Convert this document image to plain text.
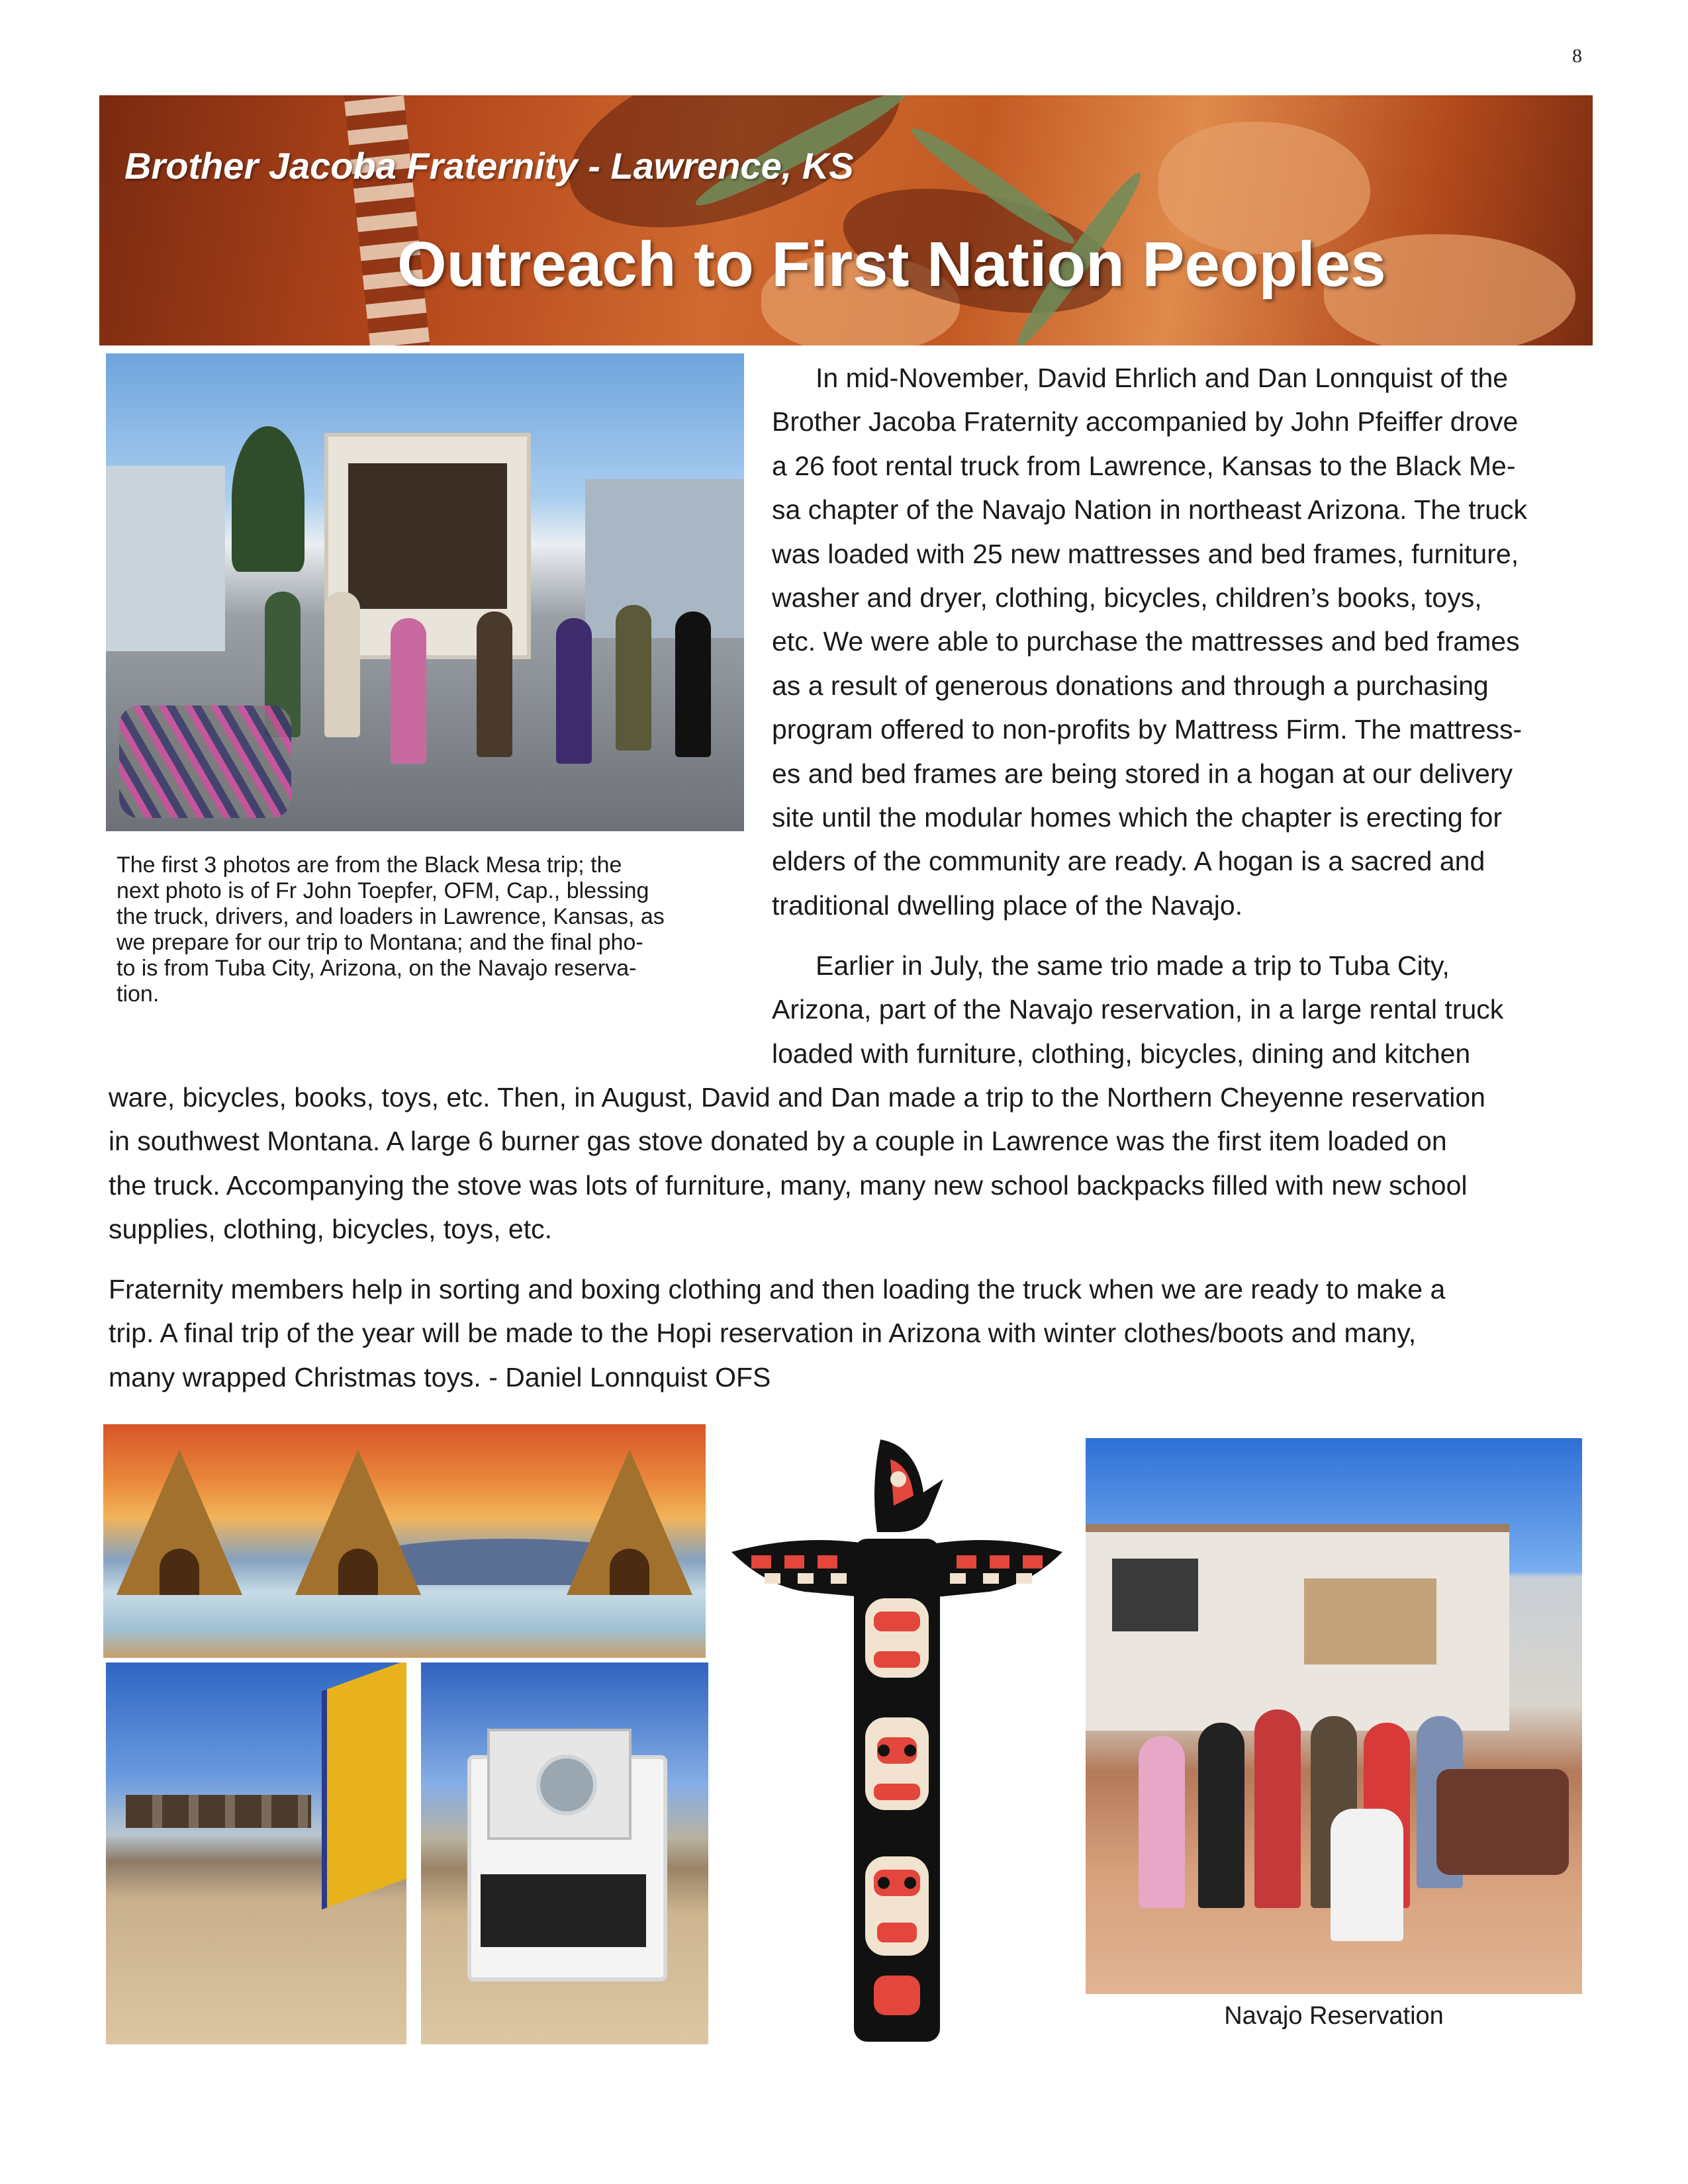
8
Brother Jacoba Fraternity - Lawrence, KS
Outreach to First Nation Peoples
The first 3 photos are from the Black Mesa trip; the
next photo is of Fr John Toepfer, OFM, Cap., blessing
the truck, drivers, and loaders in Lawrence, Kansas, as
we prepare for our trip to Montana; and the final pho-
to is from Tuba City, Arizona, on the Navajo reserva-
tion.
In mid-November, David Ehrlich and Dan Lonnquist of the
Brother Jacoba Fraternity accompanied by John Pfeiffer drove
a 26 foot rental truck from Lawrence, Kansas to the Black Me-
sa chapter of the Navajo Nation in northeast Arizona. The truck
was loaded with 25 new mattresses and bed frames, furniture,
washer and dryer, clothing, bicycles, children’s books, toys,
etc. We were able to purchase the mattresses and bed frames
as a result of generous donations and through a purchasing
program offered to non-profits by Mattress Firm. The mattress-
es and bed frames are being stored in a hogan at our delivery
site until the modular homes which the chapter is erecting for
elders of the community are ready. A hogan is a sacred and
traditional dwelling place of the Navajo.
Earlier in July, the same trio made a trip to Tuba City,
Arizona, part of the Navajo reservation, in a large rental truck
loaded with furniture, clothing, bicycles, dining and kitchen
ware, bicycles, books, toys, etc. Then, in August, David and Dan made a trip to the Northern Cheyenne reservation
in southwest Montana. A large 6 burner gas stove donated by a couple in Lawrence was the first item loaded on
the truck. Accompanying the stove was lots of furniture, many, many new school backpacks filled with new school
supplies, clothing, bicycles, toys, etc.
Fraternity members help in sorting and boxing clothing and then loading the truck when we are ready to make a
trip. A final trip of the year will be made to the Hopi reservation in Arizona with winter clothes/boots and many,
many wrapped Christmas toys. - Daniel Lonnquist OFS
Navajo Reservation
